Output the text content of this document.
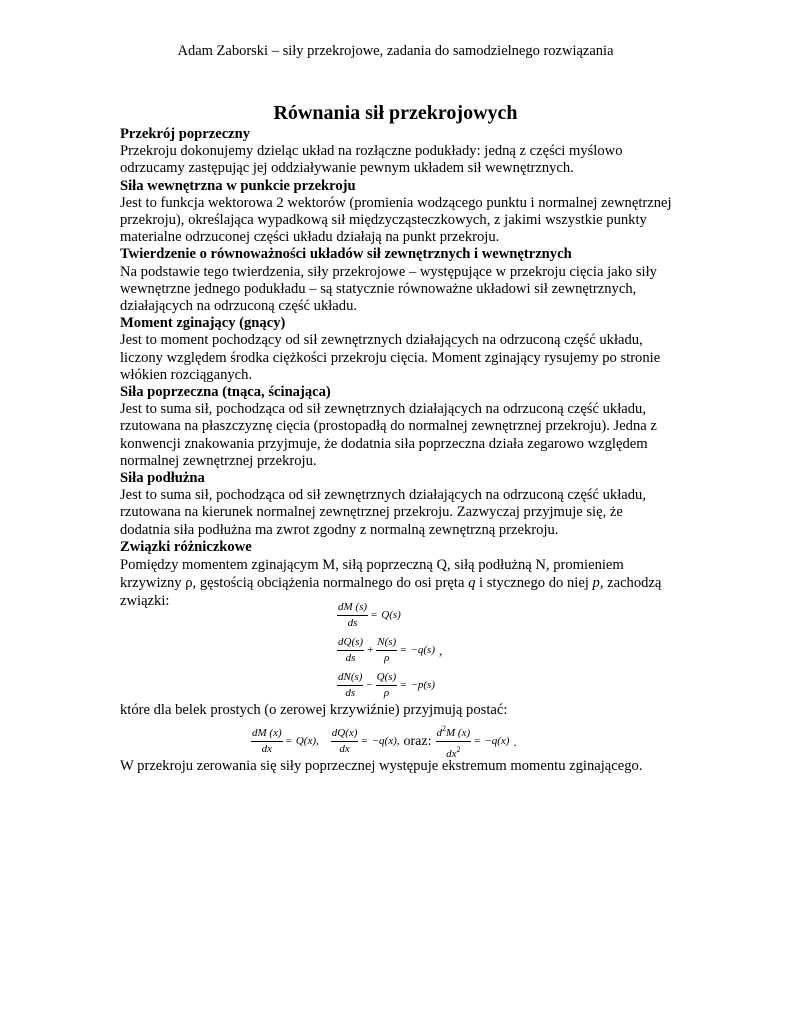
Adam Zaborski – siły przekrojowe, zadania do samodzielnego rozwiązania
Równania sił przekrojowych
Przekrój poprzeczny

Przekroju dokonujemy dzieląc układ na rozłączne podukłady: jedną z części myślowo
odrzucamy zastępując jej oddziaływanie pewnym układem sił wewnętrznych.

Siła wewnętrzna w punkcie przekroju

Jest to funkcja wektorowa 2 wektorów (promienia wodzącego punktu i normalnej zewnętrznej
przekroju), określająca wypadkową sił międzycząsteczkowych, z jakimi wszystkie punkty
materialne odrzuconej części układu działają na punkt przekroju.

Twierdzenie o równoważności układów sił zewnętrznych i wewnętrznych

Na podstawie tego twierdzenia, siły przekrojowe – występujące w przekroju cięcia jako siły
wewnętrzne jednego podukładu – są statycznie równoważne układowi sił zewnętrznych,
działających na odrzuconą część układu.

Moment zginający (gnący)

Jest to moment pochodzący od sił zewnętrznych działających na odrzuconą część układu,
liczony względem środka ciężkości przekroju cięcia. Moment zginający rysujemy po stronie
włókien rozciąganych.

Siła poprzeczna (tnąca, ścinająca)

Jest to suma sił, pochodząca od sił zewnętrznych działających na odrzuconą część układu,
rzutowana na płaszczyznę cięcia (prostopadłą do normalnej zewnętrznej przekroju). Jedna z
konwencji znakowania przyjmuje, że dodatnia siła poprzeczna działa zegarowo względem
normalnej zewnętrznej przekroju.

Siła podłużna

Jest to suma sił, pochodząca od sił zewnętrznych działających na odrzuconą część układu,
rzutowana na kierunek normalnej zewnętrznej przekroju. Zazwyczaj przyjmuje się, że
dodatnia siła podłużna ma zwrot zgodny z normalną zewnętrzną przekroju.

Związki różniczkowe

Pomiędzy momentem zginającym M, siłą poprzeczną Q, siłą podłużną N, promieniem
krzywizny ρ, gęstością obciążenia normalnego do osi pręta q i stycznego do niej p, zachodzą
związki:	$\frac{dM (s)}{ds} = Q(s)$
$\frac{dQ(s)}{ds} + \frac{N(s)}{\rho} = -q(s)$ ,
$\frac{dN(s)}{ds} - \frac{Q(s)}{\rho} = -p(s)$

które dla belek prostych (o zerowej krzywiźnie) przyjmują postać:

$\frac{dM (x)}{dx} = Q(x)$, $\frac{dQ(x)}{dx} = -q(x)$, oraz: $\frac{d^2M (x)}{dx^2} = -q(x)$ .

W przekroju zerowania się siły poprzecznej występuje ekstremum momentu zginającego.
